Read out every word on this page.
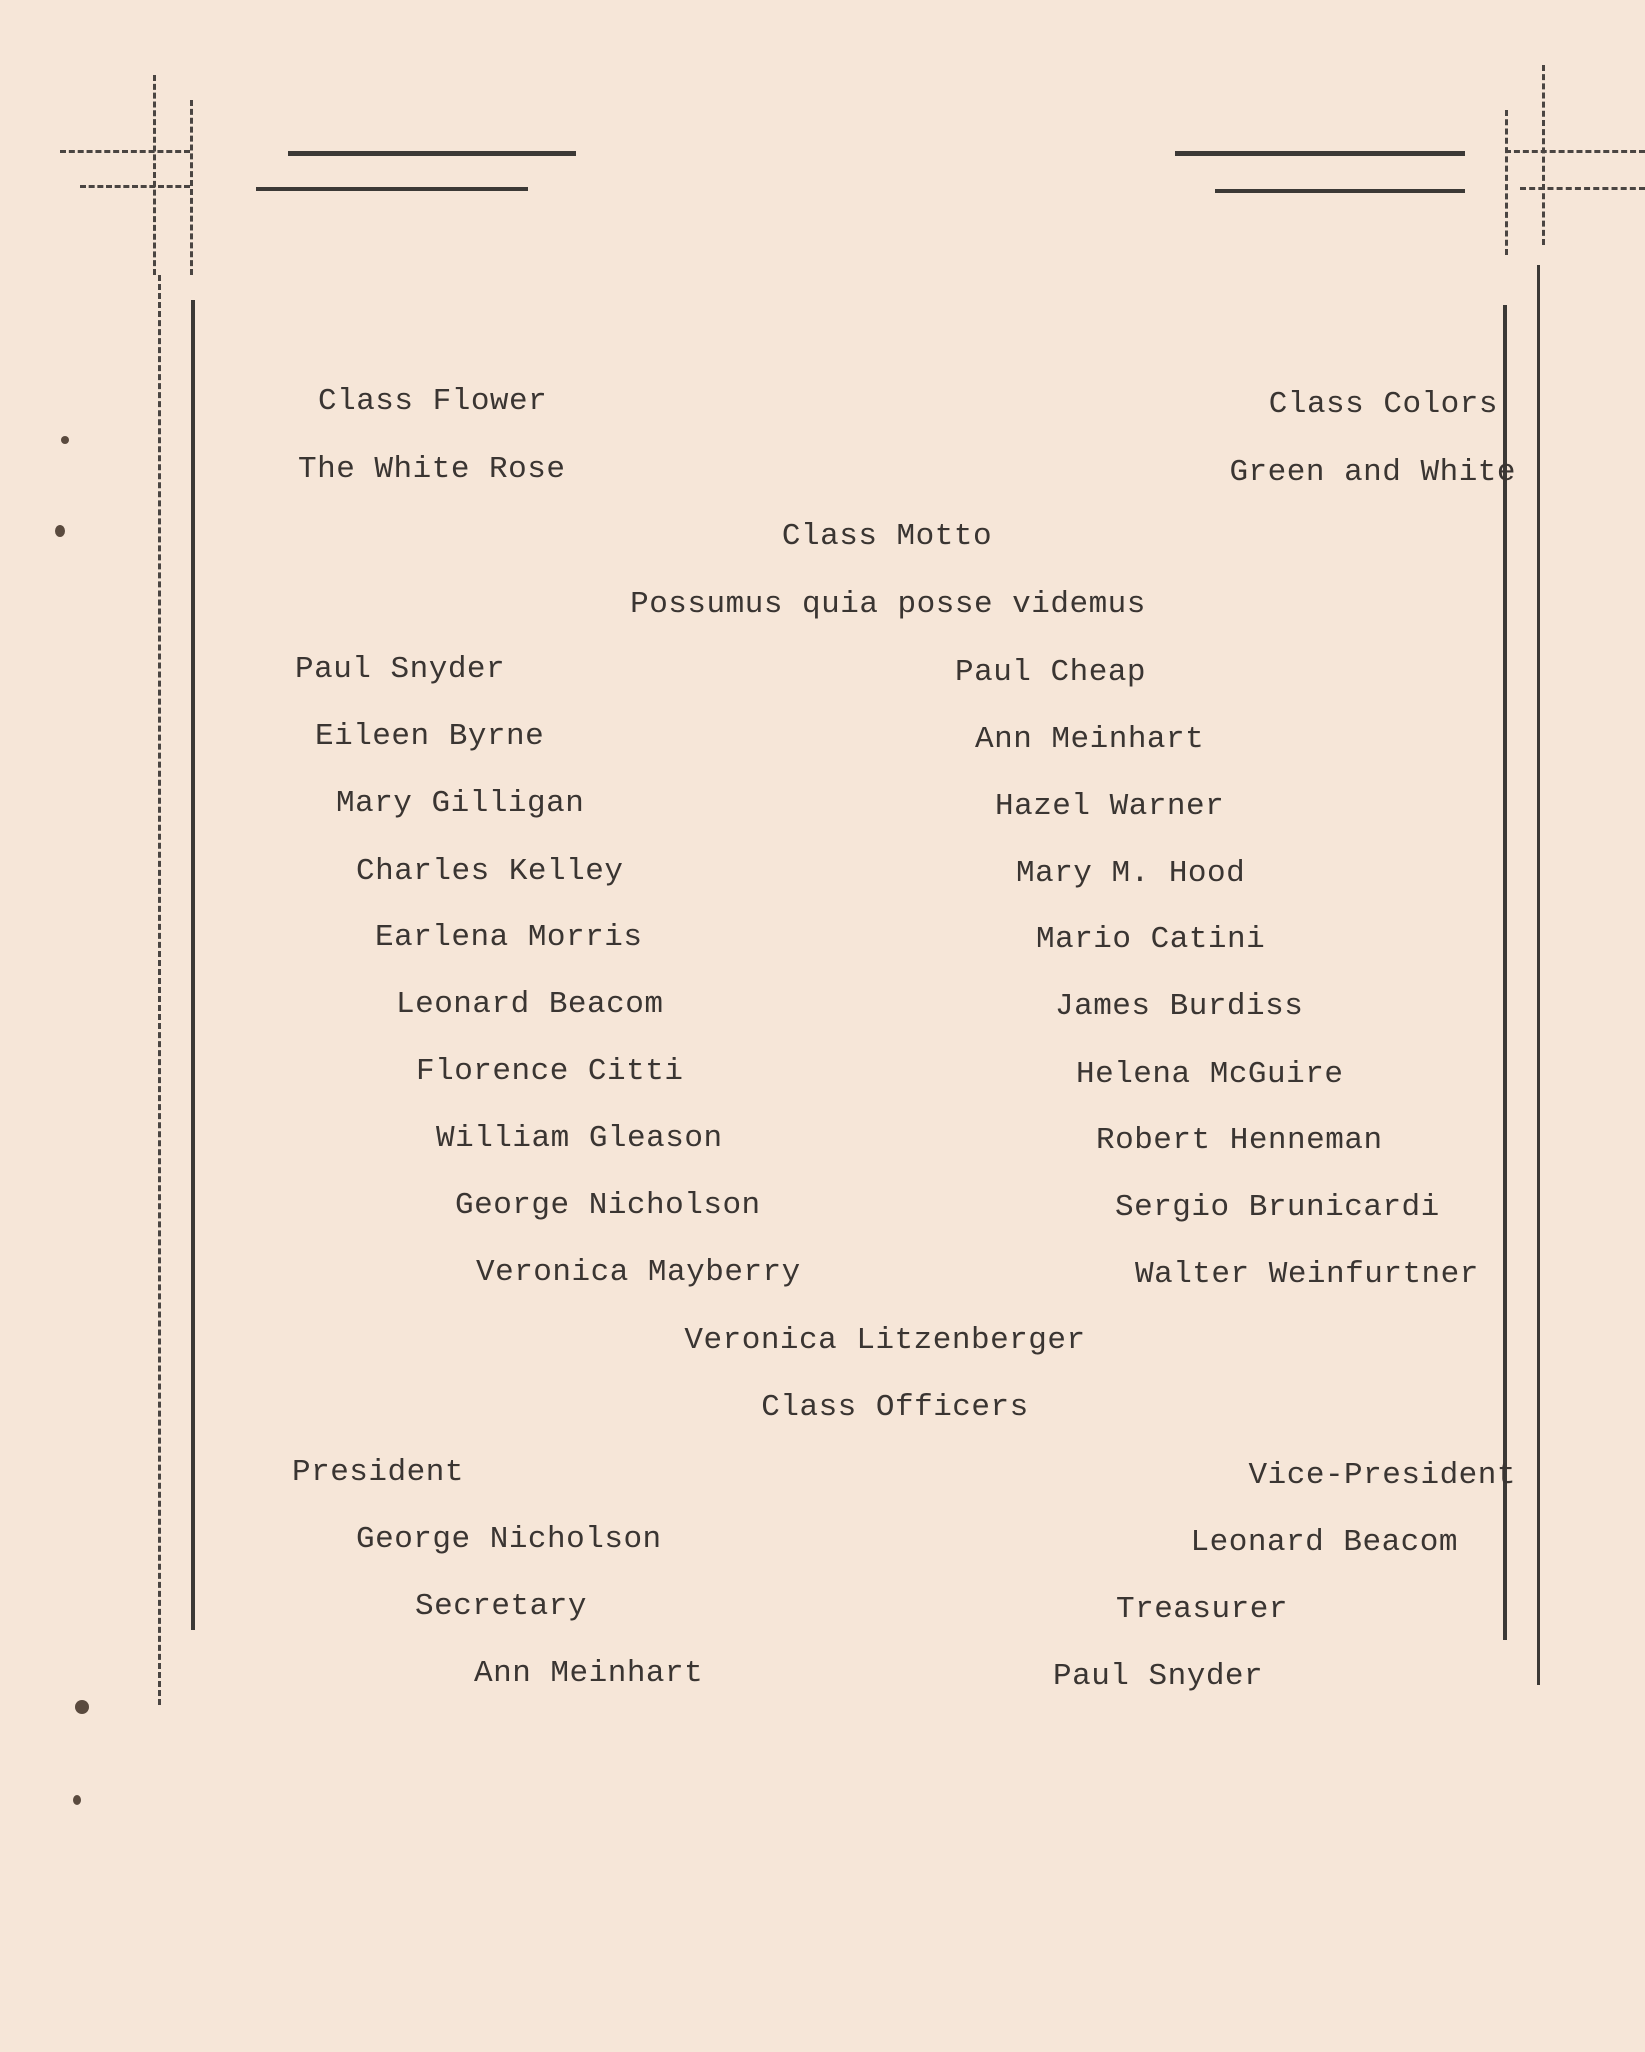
Class Flower
The White Rose
Class Colors
Green and White
Class Motto
Possumus quia posse videmus
Paul Snyder
Eileen Byrne
Mary Gilligan
Charles Kelley
Earlena Morris
Leonard Beacom
Florence Citti
William Gleason
George Nicholson
Veronica Mayberry
Paul Cheap
Ann Meinhart
Hazel Warner
Mary M. Hood
Mario Catini
James Burdiss
Helena McGuire
Robert Henneman
Sergio Brunicardi
Walter Weinfurtner
Veronica Litzenberger
Class Officers
President
George Nicholson
Secretary
Ann Meinhart
Vice-President
Leonard Beacom
Treasurer
Paul Snyder
